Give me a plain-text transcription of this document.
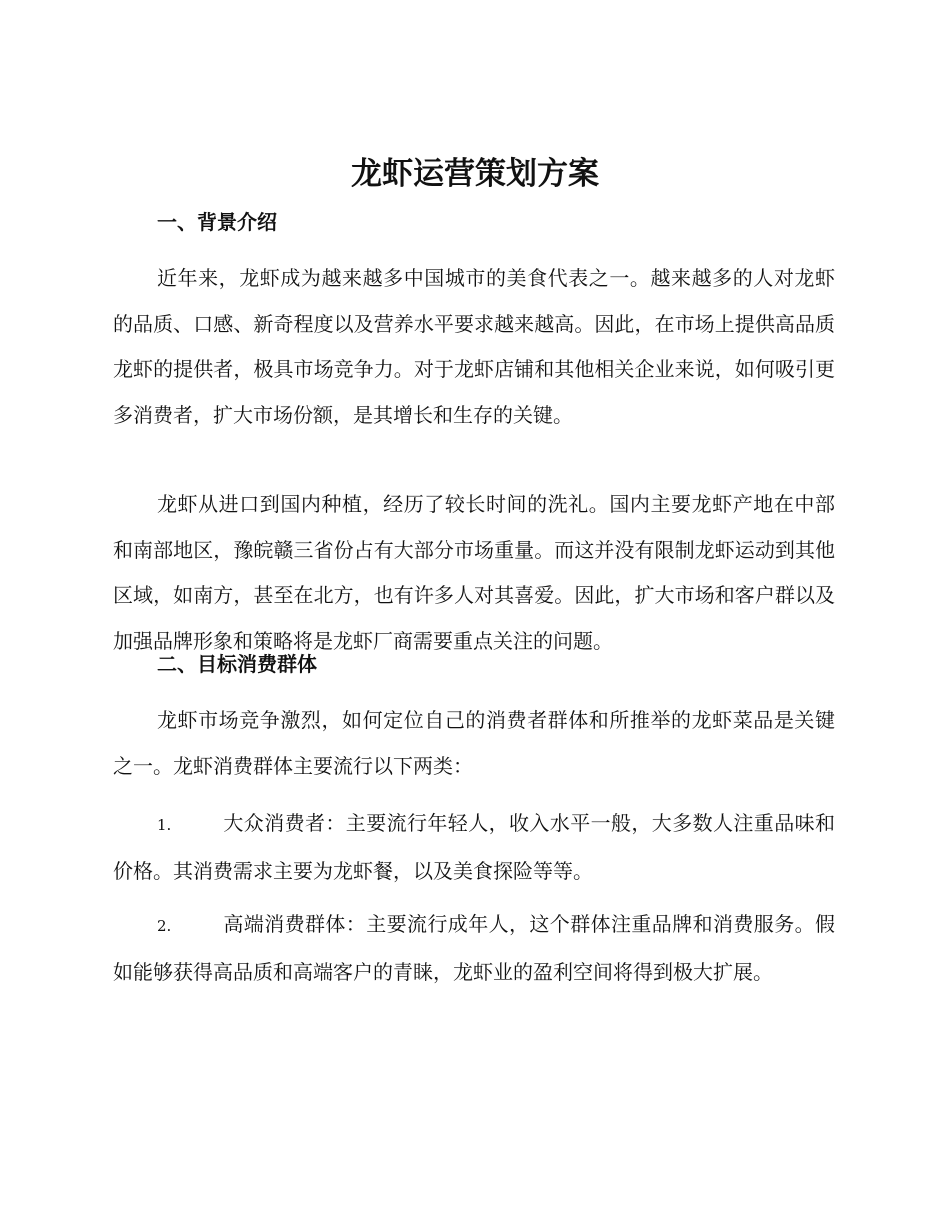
龙虾运营策划方案
一、背景介绍

近年来，龙虾成为越来越多中国城市的美食代表之一。越来越多的人对龙虾的品质、口感、新奇程度以及营养水平要求越来越高。因此，在市场上提供高品质龙虾的提供者，极具市场竞争力。对于龙虾店铺和其他相关企业来说，如何吸引更多消费者，扩大市场份额，是其增长和生存的关键。

龙虾从进口到国内种植，经历了较长时间的洗礼。国内主要龙虾产地在中部和南部地区，豫皖赣三省份占有大部分市场重量。而这并没有限制龙虾运动到其他区域，如南方，甚至在北方，也有许多人对其喜爱。因此，扩大市场和客户群以及加强品牌形象和策略将是龙虾厂商需要重点关注的问题。

二、目标消费群体

龙虾市场竞争激烈，如何定位自己的消费者群体和所推举的龙虾菜品是关键之一。龙虾消费群体主要流行以下两类：

1.	大众消费者：主要流行年轻人，收入水平一般，大多数人注重品味和价格。其消费需求主要为龙虾餐，以及美食探险等等。

2.	高端消费群体：主要流行成年人，这个群体注重品牌和消费服务。假如能够获得高品质和高端客户的青睐，龙虾业的盈利空间将得到极大扩展。
